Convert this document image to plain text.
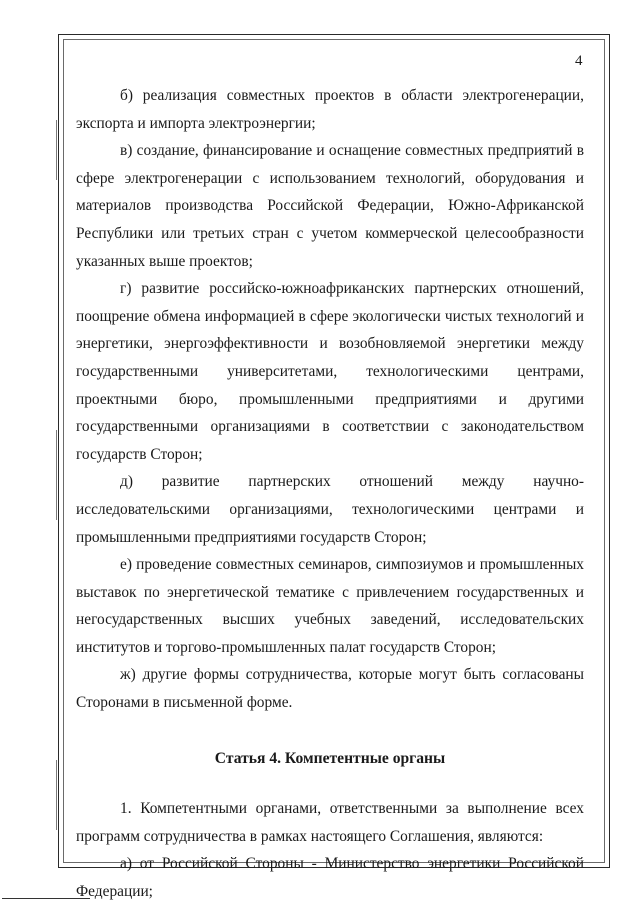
4

б) реализация совместных проектов в области электрогенерации, экспорта и импорта электроэнергии;

в) создание, финансирование и оснащение совместных предприятий в сфере электрогенерации с использованием технологий, оборудования и материалов производства Российской Федерации, Южно-Африканской Республики или третьих стран с учетом коммерческой целесообразности указанных выше проектов;

г) развитие российско-южноафриканских партнерских отношений, поощрение обмена информацией в сфере экологически чистых технологий и энергетики, энергоэффективности и возобновляемой энергетики между государственными университетами, технологическими центрами, проектными бюро, промышленными предприятиями и другими государственными организациями в соответствии с законодательством государств Сторон;

д) развитие партнерских отношений между научно-исследовательскими организациями, технологическими центрами и промышленными предприятиями государств Сторон;

е) проведение совместных семинаров, симпозиумов и промышленных выставок по энергетической тематике с привлечением государственных и негосударственных высших учебных заведений, исследовательских институтов и торгово-промышленных палат государств Сторон;

ж) другие формы сотрудничества, которые могут быть согласованы Сторонами в письменной форме.

Статья 4. Компетентные органы

1. Компетентными органами, ответственными за выполнение всех программ сотрудничества в рамках настоящего Соглашения, являются:

а) от Российской Стороны - Министерство энергетики Российской Федерации;
